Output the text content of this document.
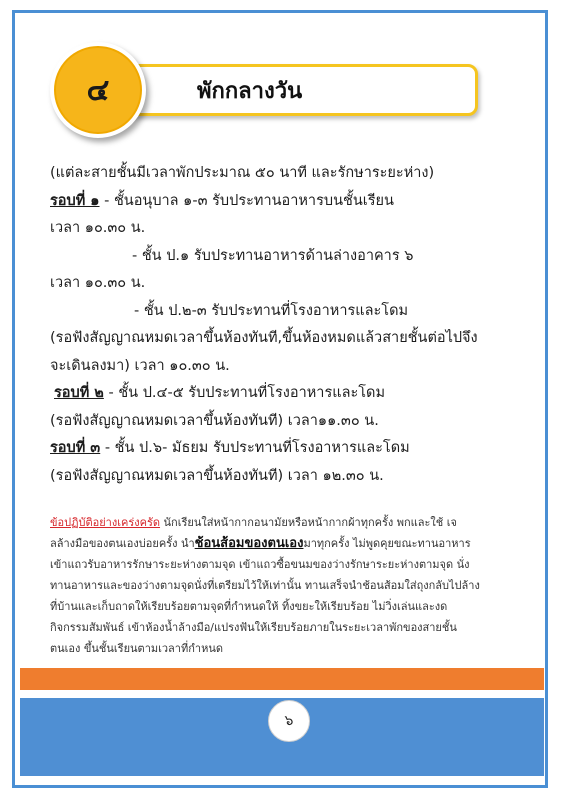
๔	พักกลางวัน
(แต่ละสายชั้นมีเวลาพักประมาณ ๕๐ นาที และรักษาระยะห่าง)
รอบที่ ๑ - ชั้นอนุบาล ๑-๓ รับประทานอาหารบนชั้นเรียน
เวลา ๑๐.๓๐ น.
- ชั้น ป.๑ รับประทานอาหารด้านล่างอาคาร ๖
เวลา ๑๐.๓๐ น.
- ชั้น ป.๒-๓ รับประทานที่โรงอาหารและโดม
(รอฟังสัญญาณหมดเวลาขึ้นห้องทันที,ขึ้นห้องหมดแล้วสายชั้นต่อไปจึง
จะเดินลงมา) เวลา ๑๐.๓๐ น.
รอบที่ ๒ - ชั้น ป.๔-๕ รับประทานที่โรงอาหารและโดม
(รอฟังสัญญาณหมดเวลาขึ้นห้องทันที) เวลา๑๑.๓๐ น.
รอบที่ ๓ - ชั้น ป.๖- มัธยม รับประทานที่โรงอาหารและโดม
(รอฟังสัญญาณหมดเวลาขึ้นห้องทันที) เวลา ๑๒.๓๐ น.
ข้อปฏิบัติอย่างเคร่งครัด นักเรียนใส่หน้ากากอนามัยหรือหน้ากากผ้าทุกครั้ง พกและใช้ เจ
ลล้างมือของตนเองบ่อยครั้ง นำช้อนส้อมของตนเองมาทุกครั้ง ไม่พูดคุยขณะทานอาหาร
เข้าแถวรับอาหารรักษาระยะห่างตามจุด เข้าแถวซื้อขนมของว่างรักษาระยะห่างตามจุด นั่ง
ทานอาหารและของว่างตามจุดนั่งที่เตรียมไว้ให้เท่านั้น ทานเสร็จนำช้อนส้อมใส่ถุงกลับไปล้าง
ที่บ้านและเก็บถาดให้เรียบร้อยตามจุดที่กำหนดให้ ทิ้งขยะให้เรียบร้อย ไม่วิ่งเล่นและงด
กิจกรรมสัมพันธ์ เข้าห้องน้ำล้างมือ/แปรงฟันให้เรียบร้อยภายในระยะเวลาพักของสายชั้น
ตนเอง ขึ้นชั้นเรียนตามเวลาที่กำหนด
๖
